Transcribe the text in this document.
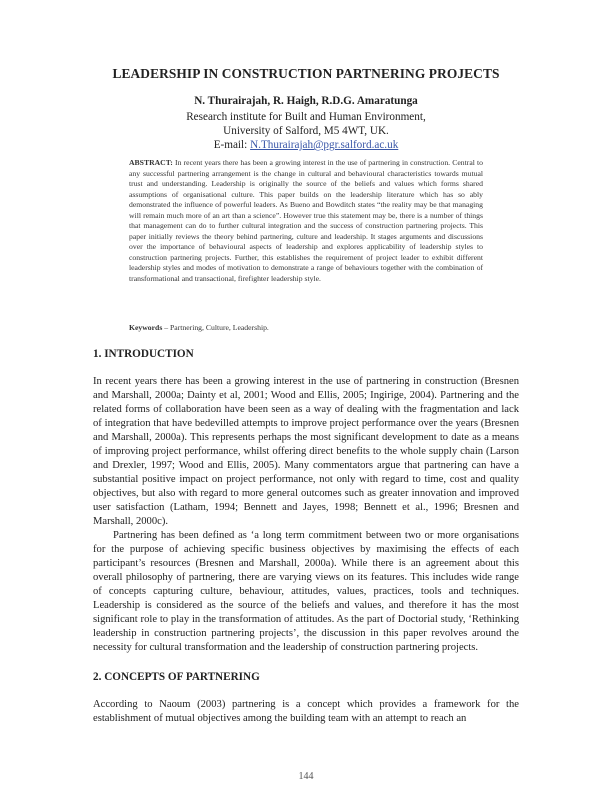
LEADERSHIP IN CONSTRUCTION PARTNERING PROJECTS
N. Thurairajah, R. Haigh, R.D.G. Amaratunga
Research institute for Built and Human Environment,
University of Salford, M5 4WT, UK.
E-mail: N.Thurairajah@pgr.salford.ac.uk
ABSTRACT: In recent years there has been a growing interest in the use of partnering in construction. Central to any successful partnering arrangement is the change in cultural and behavioural characteristics towards mutual trust and understanding. Leadership is originally the source of the beliefs and values which forms shared assumptions of organisational culture. This paper builds on the leadership literature which has so ably demonstrated the influence of powerful leaders. As Bueno and Bowditch states “the reality may be that managing will remain much more of an art than a science”. However true this statement may be, there is a number of things that management can do to further cultural integration and the success of construction partnering projects. This paper initially reviews the theory behind partnering, culture and leadership. It stages arguments and discussions over the importance of behavioural aspects of leadership and explores applicability of leadership styles to construction partnering projects. Further, this establishes the requirement of project leader to exhibit different leadership styles and modes of motivation to demonstrate a range of behaviours together with the combination of transformational and transactional, firefighter leadership style.
Keywords – Partnering, Culture, Leadership.
1. INTRODUCTION

In recent years there has been a growing interest in the use of partnering in construction (Bresnen and Marshall, 2000a; Dainty et al, 2001; Wood and Ellis, 2005; Ingirige, 2004). Partnering and the related forms of collaboration have been seen as a way of dealing with the fragmentation and lack of integration that have bedevilled attempts to improve project performance over the years (Bresnen and Marshall, 2000a). This represents perhaps the most significant development to date as a means of improving project performance, whilst offering direct benefits to the whole supply chain (Larson and Drexler, 1997; Wood and Ellis, 2005). Many commentators argue that partnering can have a substantial positive impact on project performance, not only with regard to time, cost and quality objectives, but also with regard to more general outcomes such as greater innovation and improved user satisfaction (Latham, 1994; Bennett and Jayes, 1998; Bennett et al., 1996; Bresnen and Marshall, 2000c).

Partnering has been defined as ‘a long term commitment between two or more organisations for the purpose of achieving specific business objectives by maximising the effects of each participant’s resources (Bresnen and Marshall, 2000a). While there is an agreement about this overall philosophy of partnering, there are varying views on its features. This includes wide range of concepts capturing culture, behaviour, attitudes, values, practices, tools and techniques. Leadership is considered as the source of the beliefs and values, and therefore it has the most significant role to play in the transformation of attitudes. As the part of Doctorial study, ‘Rethinking leadership in construction partnering projects’, the discussion in this paper revolves around the necessity for cultural transformation and the leadership of construction partnering projects.

2. CONCEPTS OF PARTNERING

According to Naoum (2003) partnering is a concept which provides a framework for the establishment of mutual objectives among the building team with an attempt to reach an

144
